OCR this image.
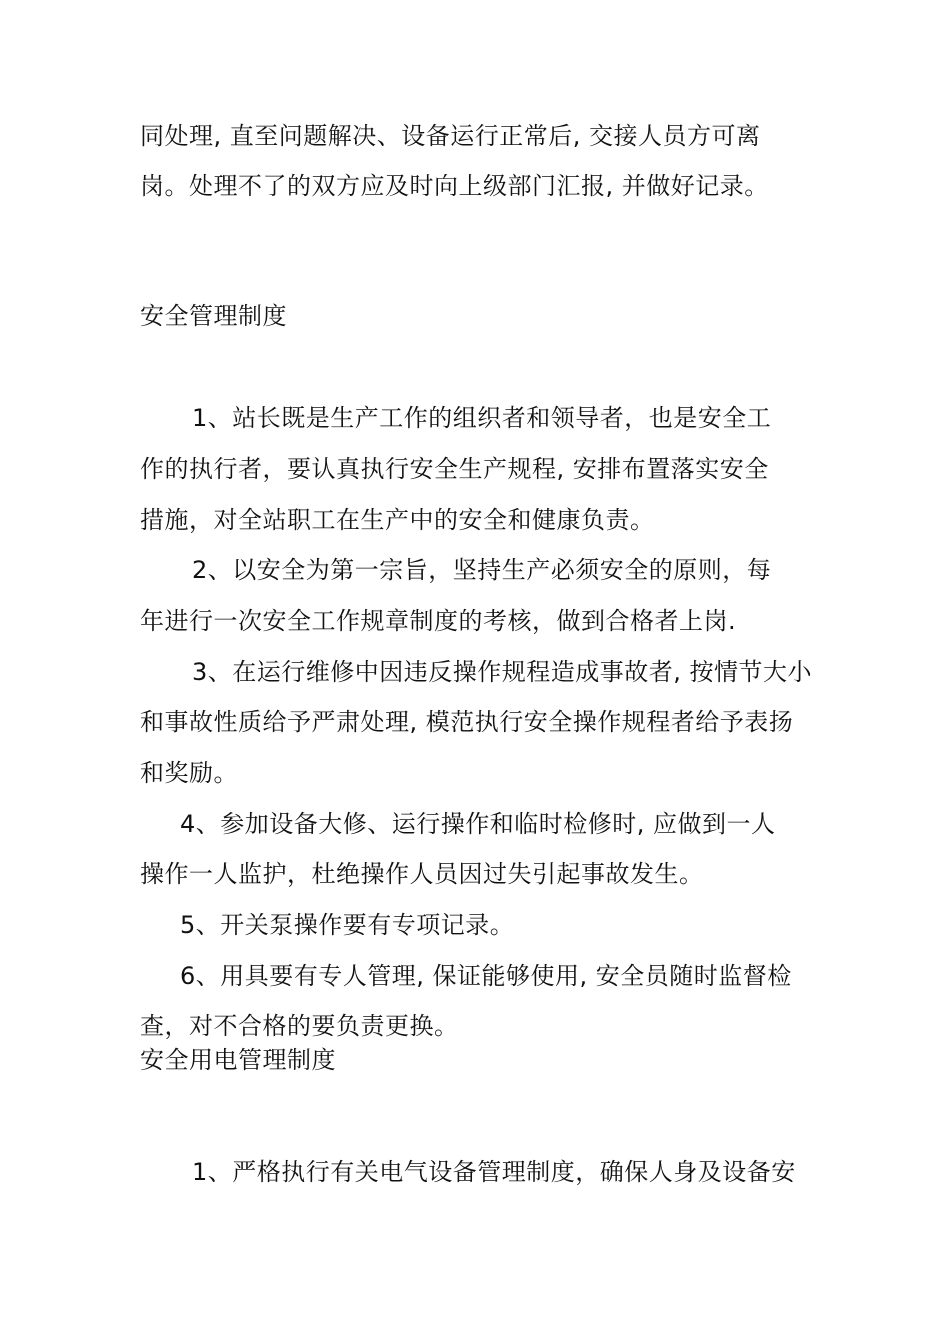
同处理, 直至问题解决、设备运行正常后, 交接人员方可离
岗。处理不了的双方应及时向上级部门汇报, 并做好记录。
安全管理制度
1、站长既是生产工作的组织者和领导者，也是安全工
作的执行者，要认真执行安全生产规程, 安排布置落实安全
措施，对全站职工在生产中的安全和健康负责。
2、以安全为第一宗旨，坚持生产必须安全的原则，每
年进行一次安全工作规章制度的考核，做到合格者上岗.
3、在运行维修中因违反操作规程造成事故者, 按情节大小
和事故性质给予严肃处理, 模范执行安全操作规程者给予表扬
和奖励。
4、参加设备大修、运行操作和临时检修时, 应做到一人
操作一人监护，杜绝操作人员因过失引起事故发生。
5、开关泵操作要有专项记录。
6、用具要有专人管理, 保证能够使用, 安全员随时监督检
查，对不合格的要负责更换。
安全用电管理制度
1、严格执行有关电气设备管理制度，确保人身及设备安
